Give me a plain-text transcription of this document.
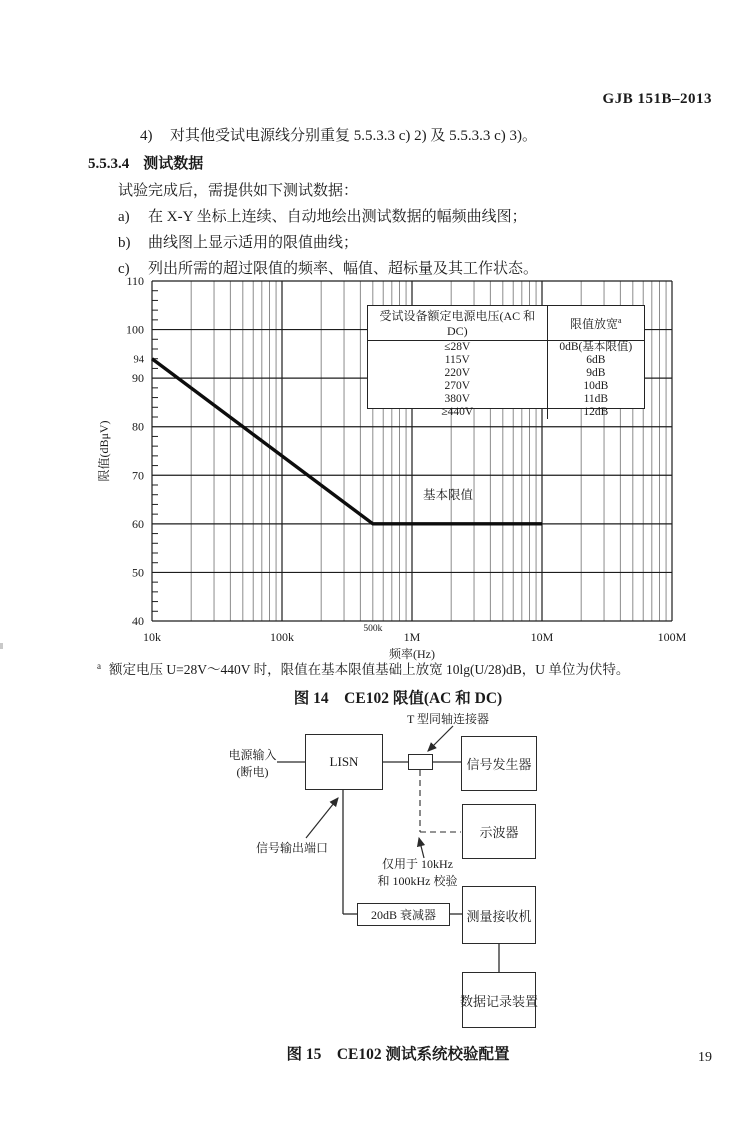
GJB 151B–2013
4) 对其他受试电源线分别重复 5.5.3.3 c) 2) 及 5.5.3.3 c) 3)。
5.5.3.4 测试数据
试验完成后，需提供如下测试数据：
a) 在 X-Y 坐标上连续、自动地绘出测试数据的幅频曲线图；
b) 曲线图上显示适用的限值曲线；
c) 列出所需的超过限值的频率、幅值、超标量及其工作状态。
10k	100k
500k
1M	10M	100M
110
100
94
90
80
70
60
50
40
频率(Hz)
限值(dBμV)
受试设备额定电源电压(AC 和 DC)	限值放宽$^a$
≤28V	0dB(基本限值)
115V	6dB
220V	9dB
270V	10dB
380V	11dB
≥440V	12dB
基本限值
$^a$ 额定电压 U=28V～440V 时，限值在基本限值基础上放宽 10lg(U/28)dB，U 单位为伏特。
图 14　CE102 限值(AC 和 DC)
LISN	信号发生器
示波器
20dB 衰减器 测量接收机
数据记录装置
T 型同轴连接器
电源输入
(断电)
信号输出端口
仅用于 10kHz
和 100kHz 校验
图 15　CE102 测试系统校验配置	19
